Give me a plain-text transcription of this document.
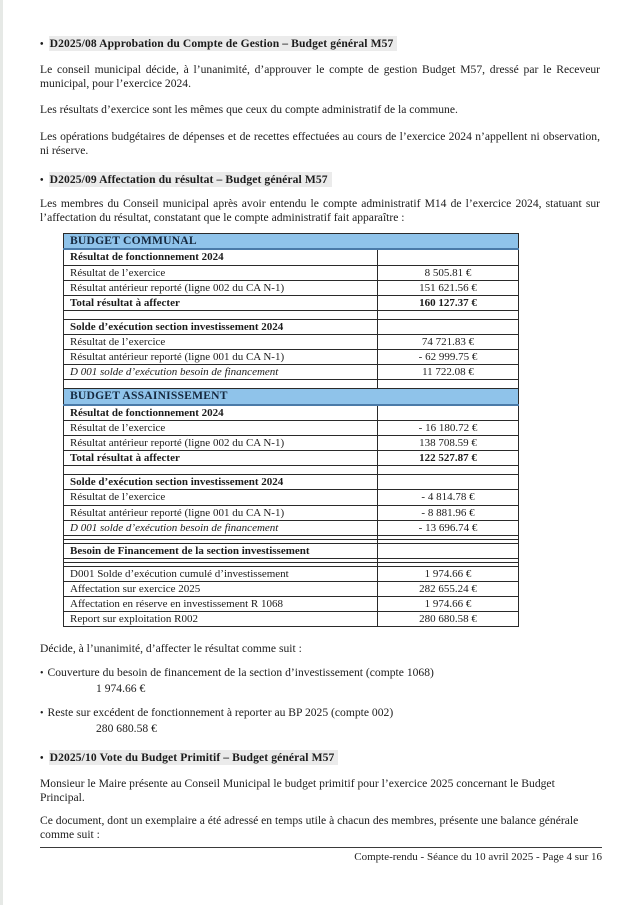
• D2025/08 Approbation du Compte de Gestion – Budget général M57

Le conseil municipal décide, à l’unanimité, d’approuver le compte de gestion Budget M57, dressé par le Receveur municipal, pour l’exercice 2024.

Les résultats d’exercice sont les mêmes que ceux du compte administratif de la commune.

Les opérations budgétaires de dépenses et de recettes effectuées au cours de l’exercice 2024 n’appellent ni observation, ni réserve.

• D2025/09 Affectation du résultat – Budget général M57

Les membres du Conseil municipal après avoir entendu le compte administratif M14 de l’exercice 2024, statuant sur l’affectation du résultat, constatant que le compte administratif fait apparaître :

BUDGET COMMUNAL	
Résultat de fonctionnement 2024	
Résultat de l’exercice	8 505.81 €
Résultat antérieur reporté (ligne 002 du CA N-1)	151 621.56 €
Total résultat à affecter	160 127.37 €

Solde d’exécution section investissement 2024	
Résultat de l’exercice	74 721.83 €
Résultat antérieur reporté (ligne 001 du CA N-1)	- 62 999.75 €
D 001 solde d’exécution besoin de financement	11 722.08 €

BUDGET ASSAINISSEMENT	
Résultat de fonctionnement 2024	
Résultat de l’exercice	- 16 180.72 €
Résultat antérieur reporté (ligne 002 du CA N-1)	138 708.59 €
Total résultat à affecter	122 527.87 €

Solde d’exécution section investissement 2024	
Résultat de l’exercice	- 4 814.78 €
Résultat antérieur reporté (ligne 001 du CA N-1)	- 8 881.96 €
D 001 solde d’exécution besoin de financement	- 13 696.74 €

Besoin de Financement de la section investissement	

D001 Solde d’exécution cumulé d’investissement	1 974.66 €
Affectation sur exercice 2025	282 655.24 €
Affectation en réserve en investissement R 1068	1 974.66 €
Report sur exploitation R002	280 680.58 €

Décide, à l’unanimité, d’affecter le résultat comme suit :

• Couverture du besoin de financement de la section d’investissement (compte 1068)
1 974.66 €
• Reste sur excédent de fonctionnement à reporter au BP 2025 (compte 002)
280 680.58 €
• D2025/10 Vote du Budget Primitif – Budget général M57

Monsieur le Maire présente au Conseil Municipal le budget primitif pour l’exercice 2025 concernant le Budget Principal.

Ce document, dont un exemplaire a été adressé en temps utile à chacun des membres, présente une balance générale comme suit :

Compte-rendu - Séance du 10 avril 2025 - Page 4 sur 16
